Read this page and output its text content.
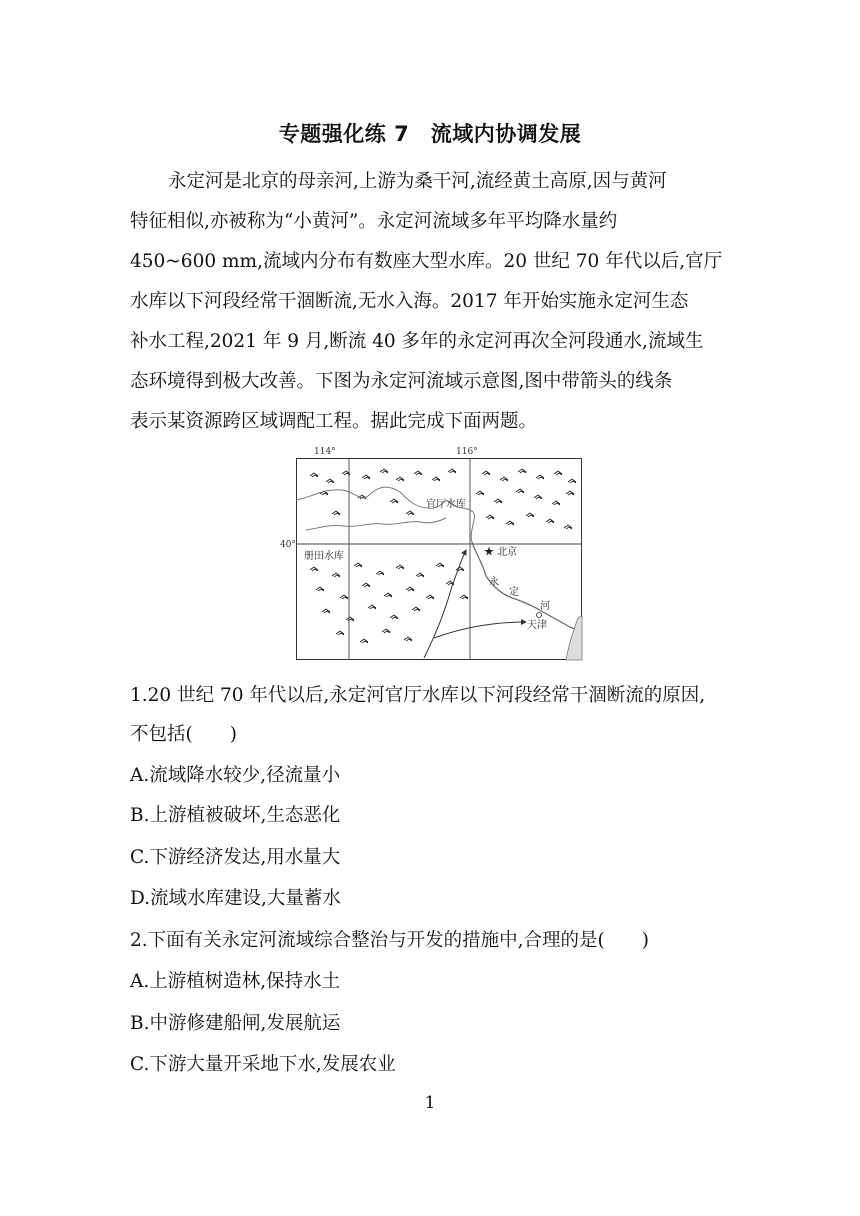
专题强化练 7　流域内协调发展

永定河是北京的母亲河,上游为桑干河,流经黄土高原,因与黄河

特征相似,亦被称为“小黄河”。永定河流域多年平均降水量约

450~600 mm,流域内分布有数座大型水库。20 世纪 70 年代以后,官厅

水库以下河段经常干涸断流,无水入海。2017 年开始实施永定河生态

补水工程,2021 年 9 月,断流 40 多年的永定河再次全河段通水,流域生

态环境得到极大改善。下图为永定河流域示意图,图中带箭头的线条

表示某资源跨区域调配工程。据此完成下面两题。

114°	116°
40°
官厅水库
册田水库	★ 北京
永
定
河
天津

1.20 世纪 70 年代以后,永定河官厅水库以下河段经常干涸断流的原因,

不包括(　　)

A.流域降水较少,径流量小

B.上游植被破坏,生态恶化

C.下游经济发达,用水量大

D.流域水库建设,大量蓄水

2.下面有关永定河流域综合整治与开发的措施中,合理的是(　　)

A.上游植树造林,保持水土

B.中游修建船闸,发展航运

C.下游大量开采地下水,发展农业

1
